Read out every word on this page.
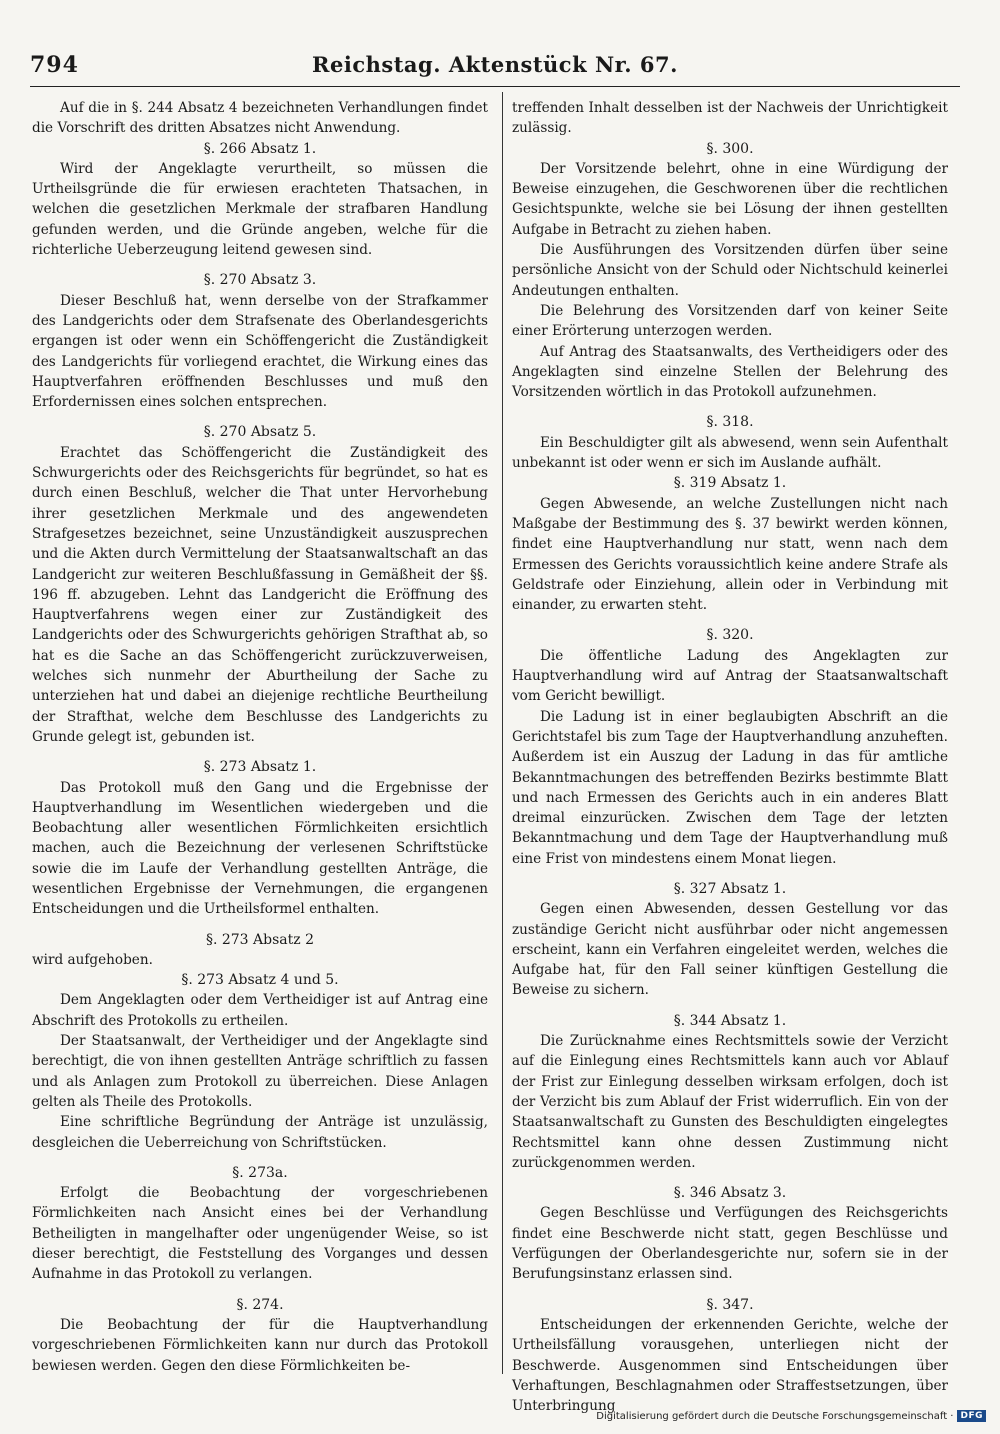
794	Reichstag. Aktenstück Nr. 67.

Auf die in §. 244 Absatz 4 bezeichneten Verhandlungen findet die Vorschrift des dritten Absatzes nicht Anwendung.

§. 266 Absatz 1.

Wird der Angeklagte verurtheilt, so müssen die Urtheilsgründe die für erwiesen erachteten Thatsachen, in welchen die gesetzlichen Merkmale der strafbaren Handlung gefunden werden, und die Gründe angeben, welche für die richterliche Ueberzeugung leitend gewesen sind.

§. 270 Absatz 3.

Dieser Beschluß hat, wenn derselbe von der Strafkammer des Landgerichts oder dem Strafsenate des Oberlandesgerichts ergangen ist oder wenn ein Schöffengericht die Zuständigkeit des Landgerichts für vorliegend erachtet, die Wirkung eines das Hauptverfahren eröffnenden Beschlusses und muß den Erfordernissen eines solchen entsprechen.

§. 270 Absatz 5.

Erachtet das Schöffengericht die Zuständigkeit des Schwurgerichts oder des Reichsgerichts für begründet, so hat es durch einen Beschluß, welcher die That unter Hervorhebung ihrer gesetzlichen Merkmale und des angewendeten Strafgesetzes bezeichnet, seine Unzuständigkeit auszusprechen und die Akten durch Vermittelung der Staatsanwaltschaft an das Landgericht zur weiteren Beschlußfassung in Gemäßheit der §§. 196 ff. abzugeben. Lehnt das Landgericht die Eröffnung des Hauptverfahrens wegen einer zur Zuständigkeit des Landgerichts oder des Schwurgerichts gehörigen Strafthat ab, so hat es die Sache an das Schöffengericht zurückzuverweisen, welches sich nunmehr der Aburtheilung der Sache zu unterziehen hat und dabei an diejenige rechtliche Beurtheilung der Strafthat, welche dem Beschlusse des Landgerichts zu Grunde gelegt ist, gebunden ist.

§. 273 Absatz 1.

Das Protokoll muß den Gang und die Ergebnisse der Hauptverhandlung im Wesentlichen wiedergeben und die Beobachtung aller wesentlichen Förmlichkeiten ersichtlich machen, auch die Bezeichnung der verlesenen Schriftstücke sowie die im Laufe der Verhandlung gestellten Anträge, die wesentlichen Ergebnisse der Vernehmungen, die ergangenen Entscheidungen und die Urtheilsformel enthalten.

§. 273 Absatz 2

wird aufgehoben.

§. 273 Absatz 4 und 5.

Dem Angeklagten oder dem Vertheidiger ist auf Antrag eine Abschrift des Protokolls zu ertheilen.

Der Staatsanwalt, der Vertheidiger und der Angeklagte sind berechtigt, die von ihnen gestellten Anträge schriftlich zu fassen und als Anlagen zum Protokoll zu überreichen. Diese Anlagen gelten als Theile des Protokolls.

Eine schriftliche Begründung der Anträge ist unzulässig, desgleichen die Ueberreichung von Schriftstücken.

§. 273a.

Erfolgt die Beobachtung der vorgeschriebenen Förmlichkeiten nach Ansicht eines bei der Verhandlung Betheiligten in mangelhafter oder ungenügender Weise, so ist dieser berechtigt, die Feststellung des Vorganges und dessen Aufnahme in das Protokoll zu verlangen.

§. 274.

Die Beobachtung der für die Hauptverhandlung vorgeschriebenen Förmlichkeiten kann nur durch das Protokoll bewiesen werden. Gegen den diese Förmlichkeiten be-

treffenden Inhalt desselben ist der Nachweis der Unrichtigkeit zulässig.

§. 300.

Der Vorsitzende belehrt, ohne in eine Würdigung der Beweise einzugehen, die Geschworenen über die rechtlichen Gesichtspunkte, welche sie bei Lösung der ihnen gestellten Aufgabe in Betracht zu ziehen haben.

Die Ausführungen des Vorsitzenden dürfen über seine persönliche Ansicht von der Schuld oder Nichtschuld keinerlei Andeutungen enthalten.

Die Belehrung des Vorsitzenden darf von keiner Seite einer Erörterung unterzogen werden.

Auf Antrag des Staatsanwalts, des Vertheidigers oder des Angeklagten sind einzelne Stellen der Belehrung des Vorsitzenden wörtlich in das Protokoll aufzunehmen.

§. 318.

Ein Beschuldigter gilt als abwesend, wenn sein Aufenthalt unbekannt ist oder wenn er sich im Auslande aufhält.

§. 319 Absatz 1.

Gegen Abwesende, an welche Zustellungen nicht nach Maßgabe der Bestimmung des §. 37 bewirkt werden können, findet eine Hauptverhandlung nur statt, wenn nach dem Ermessen des Gerichts voraussichtlich keine andere Strafe als Geldstrafe oder Einziehung, allein oder in Verbindung mit einander, zu erwarten steht.

§. 320.

Die öffentliche Ladung des Angeklagten zur Hauptverhandlung wird auf Antrag der Staatsanwaltschaft vom Gericht bewilligt.

Die Ladung ist in einer beglaubigten Abschrift an die Gerichtstafel bis zum Tage der Hauptverhandlung anzuheften. Außerdem ist ein Auszug der Ladung in das für amtliche Bekanntmachungen des betreffenden Bezirks bestimmte Blatt und nach Ermessen des Gerichts auch in ein anderes Blatt dreimal einzurücken. Zwischen dem Tage der letzten Bekanntmachung und dem Tage der Hauptverhandlung muß eine Frist von mindestens einem Monat liegen.

§. 327 Absatz 1.

Gegen einen Abwesenden, dessen Gestellung vor das zuständige Gericht nicht ausführbar oder nicht angemessen erscheint, kann ein Verfahren eingeleitet werden, welches die Aufgabe hat, für den Fall seiner künftigen Gestellung die Beweise zu sichern.

§. 344 Absatz 1.

Die Zurücknahme eines Rechtsmittels sowie der Verzicht auf die Einlegung eines Rechtsmittels kann auch vor Ablauf der Frist zur Einlegung desselben wirksam erfolgen, doch ist der Verzicht bis zum Ablauf der Frist widerruflich. Ein von der Staatsanwaltschaft zu Gunsten des Beschuldigten eingelegtes Rechtsmittel kann ohne dessen Zustimmung nicht zurückgenommen werden.

§. 346 Absatz 3.

Gegen Beschlüsse und Verfügungen des Reichsgerichts findet eine Beschwerde nicht statt, gegen Beschlüsse und Verfügungen der Oberlandesgerichte nur, sofern sie in der Berufungsinstanz erlassen sind.

§. 347.

Entscheidungen der erkennenden Gerichte, welche der Urtheilsfällung vorausgehen, unterliegen nicht der Beschwerde. Ausgenommen sind Entscheidungen über Verhaftungen, Beschlagnahmen oder Straffestsetzungen, über Unterbringung

Digitalisierung gefördert durch die Deutsche Forschungsgemeinschaft · DFG
